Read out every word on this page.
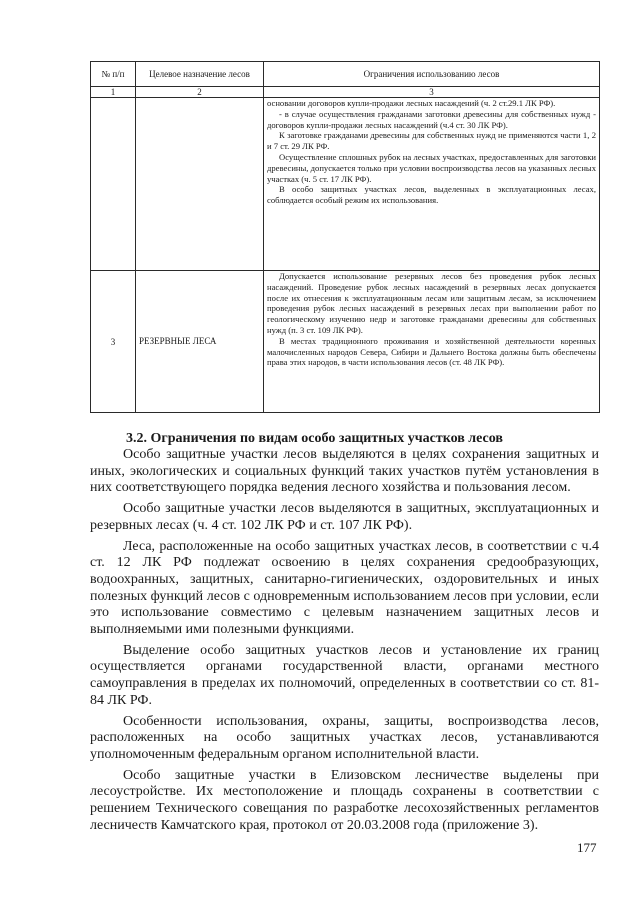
№ п/п	Целевое назначение лесов	Ограничения использованию лесов
1	2	3

		основании договоров купли-продажи лесных насаждений (ч. 2 ст.29.1 ЛК РФ).

- в случае осуществления гражданами заготовки древесины для собственных нужд - договоров купли-продажи лесных насаждений (ч.4 ст. 30 ЛК РФ).

К заготовке гражданами древесины для собственных нужд не применяются части 1, 2 и 7 ст. 29 ЛК РФ.

Осуществление сплошных рубок на лесных участках, предоставленных для заготовки древесины, допускается только при условии воспроизводства лесов на указанных лесных участках (ч. 5 ст. 17 ЛК РФ).

В особо защитных участках лесов, выделенных в эксплуатационных лесах, соблюдается особый режим их использования.

3	РЕЗЕРВНЫЕ ЛЕСА	Допускается использование резервных лесов без проведения рубок лесных насаждений. Проведение рубок лесных насаждений в резервных лесах допускается после их отнесения к эксплуатационным лесам или защитным лесам, за исключением проведения рубок лесных насаждений в резервных лесах при выполнении работ по геологическому изучению недр и заготовке гражданами древесины для собственных нужд (п. 3 ст. 109 ЛК РФ).

В местах традиционного проживания и хозяйственной деятельности коренных малочисленных народов Севера, Сибири и Дальнего Востока должны быть обеспечены права этих народов, в части использования лесов (ст. 48 ЛК РФ).

3.2. Ограничения по видам особо защитных участков лесов

Особо защитные участки лесов выделяются в целях сохранения защитных и иных, экологических и социальных функций таких участков путём установления в них соответствующего порядка ведения лесного хозяйства и пользования лесом.

Особо защитные участки лесов выделяются в защитных, эксплуатационных и резервных лесах (ч. 4 ст. 102 ЛК РФ и ст. 107 ЛК РФ).

Леса, расположенные на особо защитных участках лесов, в соответствии с ч.4 ст. 12 ЛК РФ подлежат освоению в целях сохранения средообразующих, водоохранных, защитных, санитарно-гигиенических, оздоровительных и иных полезных функций лесов с одновременным использованием лесов при условии, если это использование совместимо с целевым назначением защитных лесов и выполняемыми ими полезными функциями.

Выделение особо защитных участков лесов и установление их границ осуществляется органами государственной власти, органами местного самоуправления в пределах их полномочий, определенных в соответствии со ст. 81-84 ЛК РФ.

Особенности использования, охраны, защиты, воспроизводства лесов, расположенных на особо защитных участках лесов, устанавливаются уполномоченным федеральным органом исполнительной власти.

Особо защитные участки в Елизовском лесничестве выделены при лесоустройстве. Их местоположение и площадь сохранены в соответствии с решением Технического совещания по разработке лесохозяйственных регламентов лесничеств Камчатского края, протокол от 20.03.2008 года (приложение 3).

177
